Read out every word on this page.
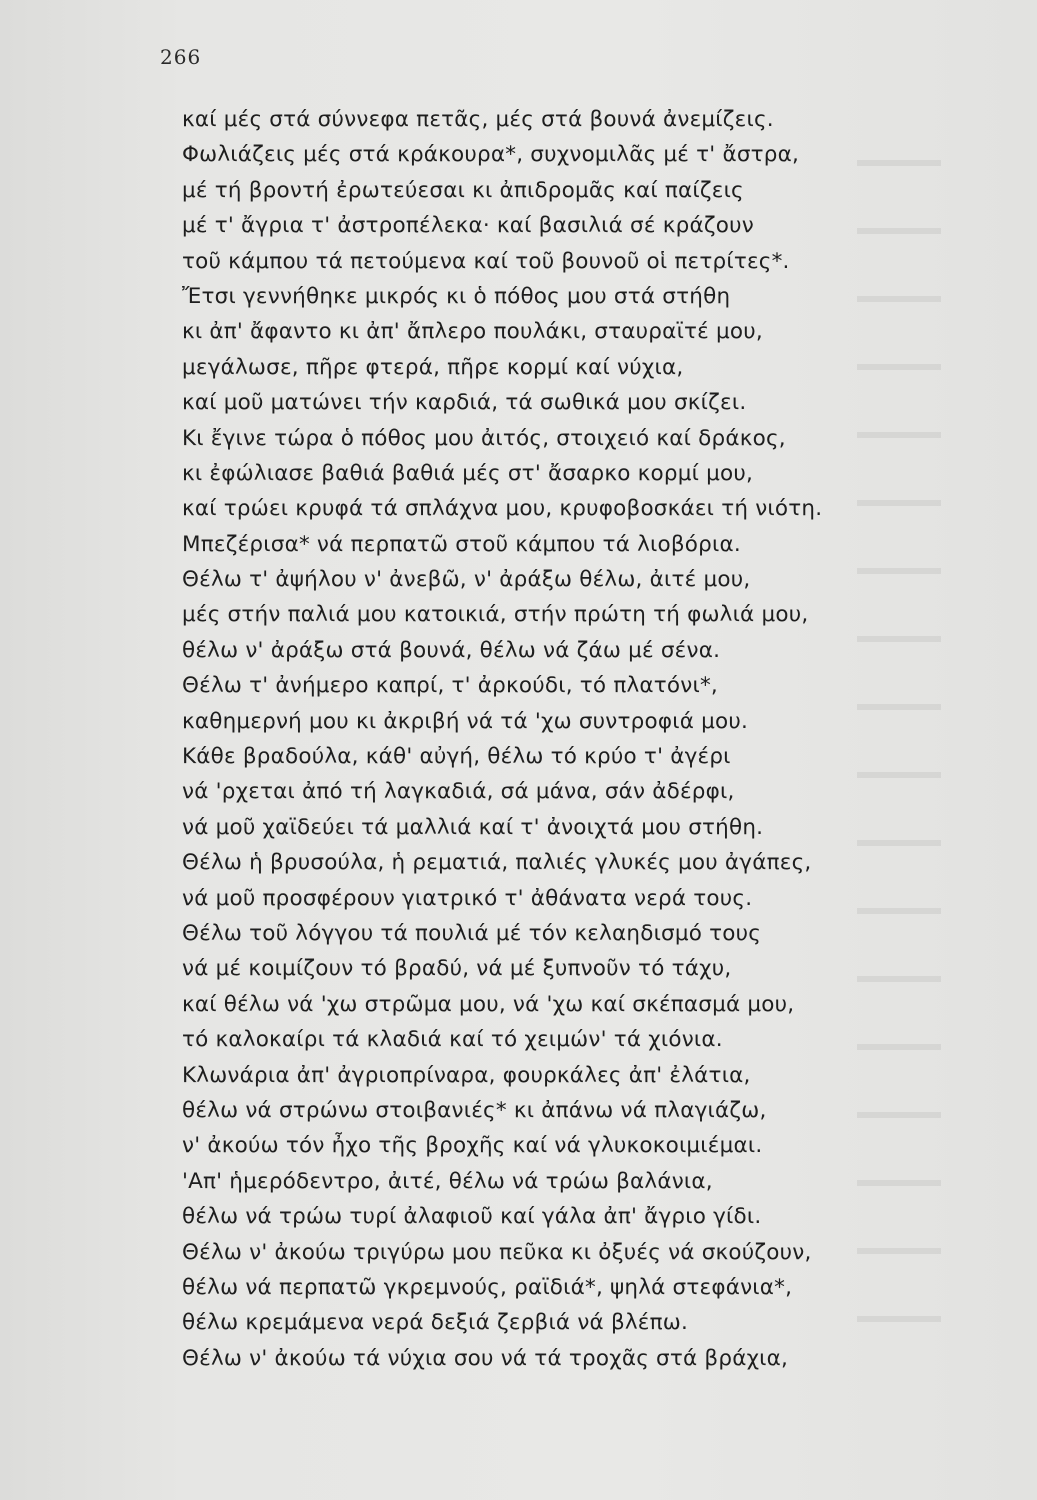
266
καί μές στά σύννεφα πετᾶς, μές στά βουνά ἀνεμίζεις.
Φωλιάζεις μές στά κράκουρα*, συχνομιλᾶς μέ τ' ἄστρα,
μέ τή βροντή ἐρωτεύεσαι κι ἀπιδρομᾶς καί παίζεις
μέ τ' ἄγρια τ' ἀστροπέλεκα· καί βασιλιά σέ κράζουν
τοῦ κάμπου τά πετούμενα καί τοῦ βουνοῦ οἱ πετρίτες*.
Ἔτσι γεννήθηκε μικρός κι ὁ πόθος μου στά στήθη
κι ἀπ' ἄφαντο κι ἀπ' ἄπλερο πουλάκι, σταυραϊτέ μου,
μεγάλωσε, πῆρε φτερά, πῆρε κορμί καί νύχια,
καί μοῦ ματώνει τήν καρδιά, τά σωθικά μου σκίζει.
Κι ἔγινε τώρα ὁ πόθος μου ἀιτός, στοιχειό καί δράκος,
κι ἐφώλιασε βαθιά βαθιά μές στ' ἄσαρκο κορμί μου,
καί τρώει κρυφά τά σπλάχνα μου, κρυφοβοσκάει τή νιότη.
Μπεζέρισα* νά περπατῶ στοῦ κάμπου τά λιοβόρια.
Θέλω τ' ἀψήλου ν' ἀνεβῶ, ν' ἀράξω θέλω, ἀιτέ μου,
μές στήν παλιά μου κατοικιά, στήν πρώτη τή φωλιά μου,
θέλω ν' ἀράξω στά βουνά, θέλω νά ζάω μέ σένα.
Θέλω τ' ἀνήμερο καπρί, τ' ἀρκούδι, τό πλατόνι*,
καθημερνή μου κι ἀκριβή νά τά 'χω συντροφιά μου.
Κάθε βραδούλα, κάθ' αὐγή, θέλω τό κρύο τ' ἀγέρι
νά 'ρχεται ἀπό τή λαγκαδιά, σά μάνα, σάν ἀδέρφι,
νά μοῦ χαϊδεύει τά μαλλιά καί τ' ἀνοιχτά μου στήθη.
Θέλω ἡ βρυσούλα, ἡ ρεματιά, παλιές γλυκές μου ἀγάπες,
νά μοῦ προσφέρουν γιατρικό τ' ἀθάνατα νερά τους.
Θέλω τοῦ λόγγου τά πουλιά μέ τόν κελαηδισμό τους
νά μέ κοιμίζουν τό βραδύ, νά μέ ξυπνοῦν τό τάχυ,
καί θέλω νά 'χω στρῶμα μου, νά 'χω καί σκέπασμά μου,
τό καλοκαίρι τά κλαδιά καί τό χειμών' τά χιόνια.
Κλωνάρια ἀπ' ἀγριοπρίναρα, φουρκάλες ἀπ' ἐλάτια,
θέλω νά στρώνω στοιβανιές* κι ἀπάνω νά πλαγιάζω,
ν' ἀκούω τόν ἦχο τῆς βροχῆς καί νά γλυκοκοιμιέμαι.
'Απ' ἡμερόδεντρο, ἀιτέ, θέλω νά τρώω βαλάνια,
θέλω νά τρώω τυρί ἀλαφιοῦ καί γάλα ἀπ' ἄγριο γίδι.
Θέλω ν' ἀκούω τριγύρω μου πεῦκα κι ὀξυές νά σκούζουν,
θέλω νά περπατῶ γκρεμνούς, ραϊδιά*, ψηλά στεφάνια*,
θέλω κρεμάμενα νερά δεξιά ζερβιά νά βλέπω.
Θέλω ν' ἀκούω τά νύχια σου νά τά τροχᾶς στά βράχια,
